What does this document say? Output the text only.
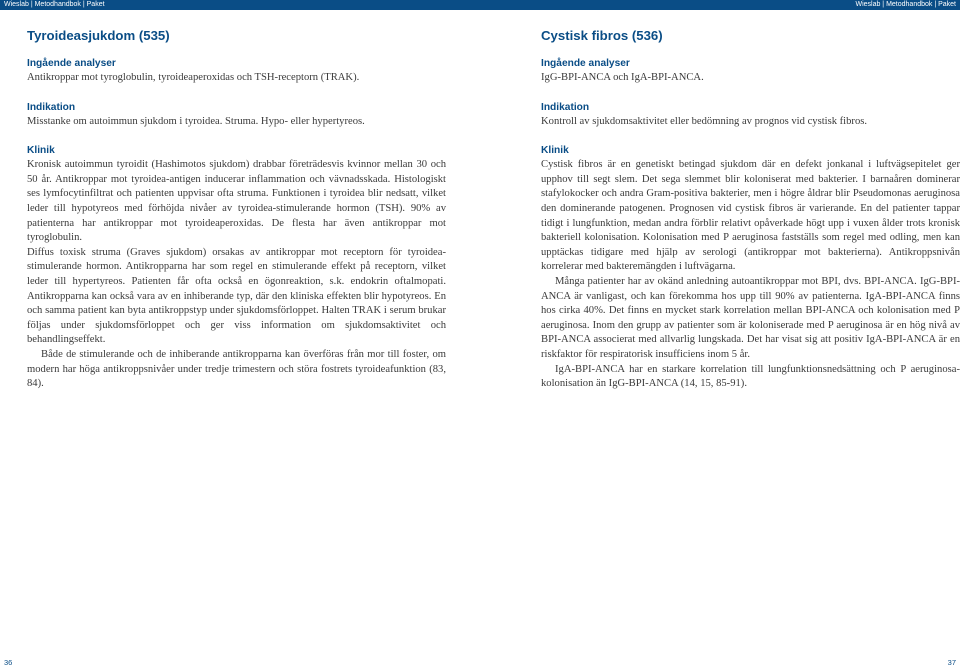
Wieslab | Metodhandbok | Paket	Wieslab | Metodhandbok | Paket
Tyroideasjukdom (535)
Ingående analyser

Antikroppar mot tyroglobulin, tyroideaperoxidas och TSH-receptorn (TRAK).

Indikation

Misstanke om autoimmun sjukdom i tyroidea. Struma. Hypo- eller hypertyreos.

Klinik

Kronisk autoimmun tyroidit (Hashimotos sjukdom) drabbar företrädesvis kvinnor mellan 30 och 50 år. Antikroppar mot tyroidea-antigen inducerar inflammation och vävnadsskada. Histologiskt ses lymfocytinfiltrat och patienten uppvisar ofta struma. Funktionen i tyroidea blir nedsatt, vilket leder till hypotyreos med förhöjda nivåer av tyroidea-stimulerande hormon (TSH). 90% av patienterna har antikroppar mot tyroideaperoxidas. De flesta har även antikroppar mot tyroglobulin.

Diffus toxisk struma (Graves sjukdom) orsakas av antikroppar mot receptorn för tyroidea-stimulerande hormon. Antikropparna har som regel en stimulerande effekt på receptorn, vilket leder till hypertyreos. Patienten får ofta också en ögonreaktion, s.k. endokrin oftalmopati. Antikropparna kan också vara av en inhiberande typ, där den kliniska effekten blir hypotyreos. En och samma patient kan byta antikroppstyp under sjukdomsförloppet. Halten TRAK i serum brukar följas under sjukdomsförloppet och ger viss information om sjukdomsaktivitet och behandlingseffekt.

Både de stimulerande och de inhiberande antikropparna kan överföras från mor till foster, om modern har höga antikroppsnivåer under tredje trimestern och störa fostrets tyroideafunktion (83, 84).

Cystisk fibros (536)
Ingående analyser

IgG-BPI-ANCA och IgA-BPI-ANCA.

Indikation

Kontroll av sjukdomsaktivitet eller bedömning av prognos vid cystisk fibros.

Klinik

Cystisk fibros är en genetiskt betingad sjukdom där en defekt jonkanal i luftvägsepitelet ger upphov till segt slem. Det sega slemmet blir koloniserat med bakterier. I barnaåren dominerar stafylokocker och andra Gram-positiva bakterier, men i högre åldrar blir Pseudomonas aeruginosa den dominerande patogenen. Prognosen vid cystisk fibros är varierande. En del patienter tappar tidigt i lungfunktion, medan andra förblir relativt opåverkade högt upp i vuxen ålder trots kronisk bakteriell kolonisation. Kolonisation med P aeruginosa fastställs som regel med odling, men kan upptäckas tidigare med hjälp av serologi (antikroppar mot bakterierna). Antikroppsnivån korrelerar med bakteremängden i luftvägarna.

Många patienter har av okänd anledning autoantikroppar mot BPI, dvs. BPI-ANCA. IgG-BPI-ANCA är vanligast, och kan förekomma hos upp till 90% av patienterna. IgA-BPI-ANCA finns hos cirka 40%. Det finns en mycket stark korrelation mellan BPI-ANCA och kolonisation med P aeruginosa. Inom den grupp av patienter som är koloniserade med P aeruginosa är en hög nivå av BPI-ANCA associerat med allvarlig lungskada. Det har visat sig att positiv IgA-BPI-ANCA är en riskfaktor för respiratorisk insufficiens inom 5 år.

IgA-BPI-ANCA har en starkare korrelation till lungfunktionsnedsättning och P aeruginosa-kolonisation än IgG-BPI-ANCA (14, 15, 85-91).

36	37
